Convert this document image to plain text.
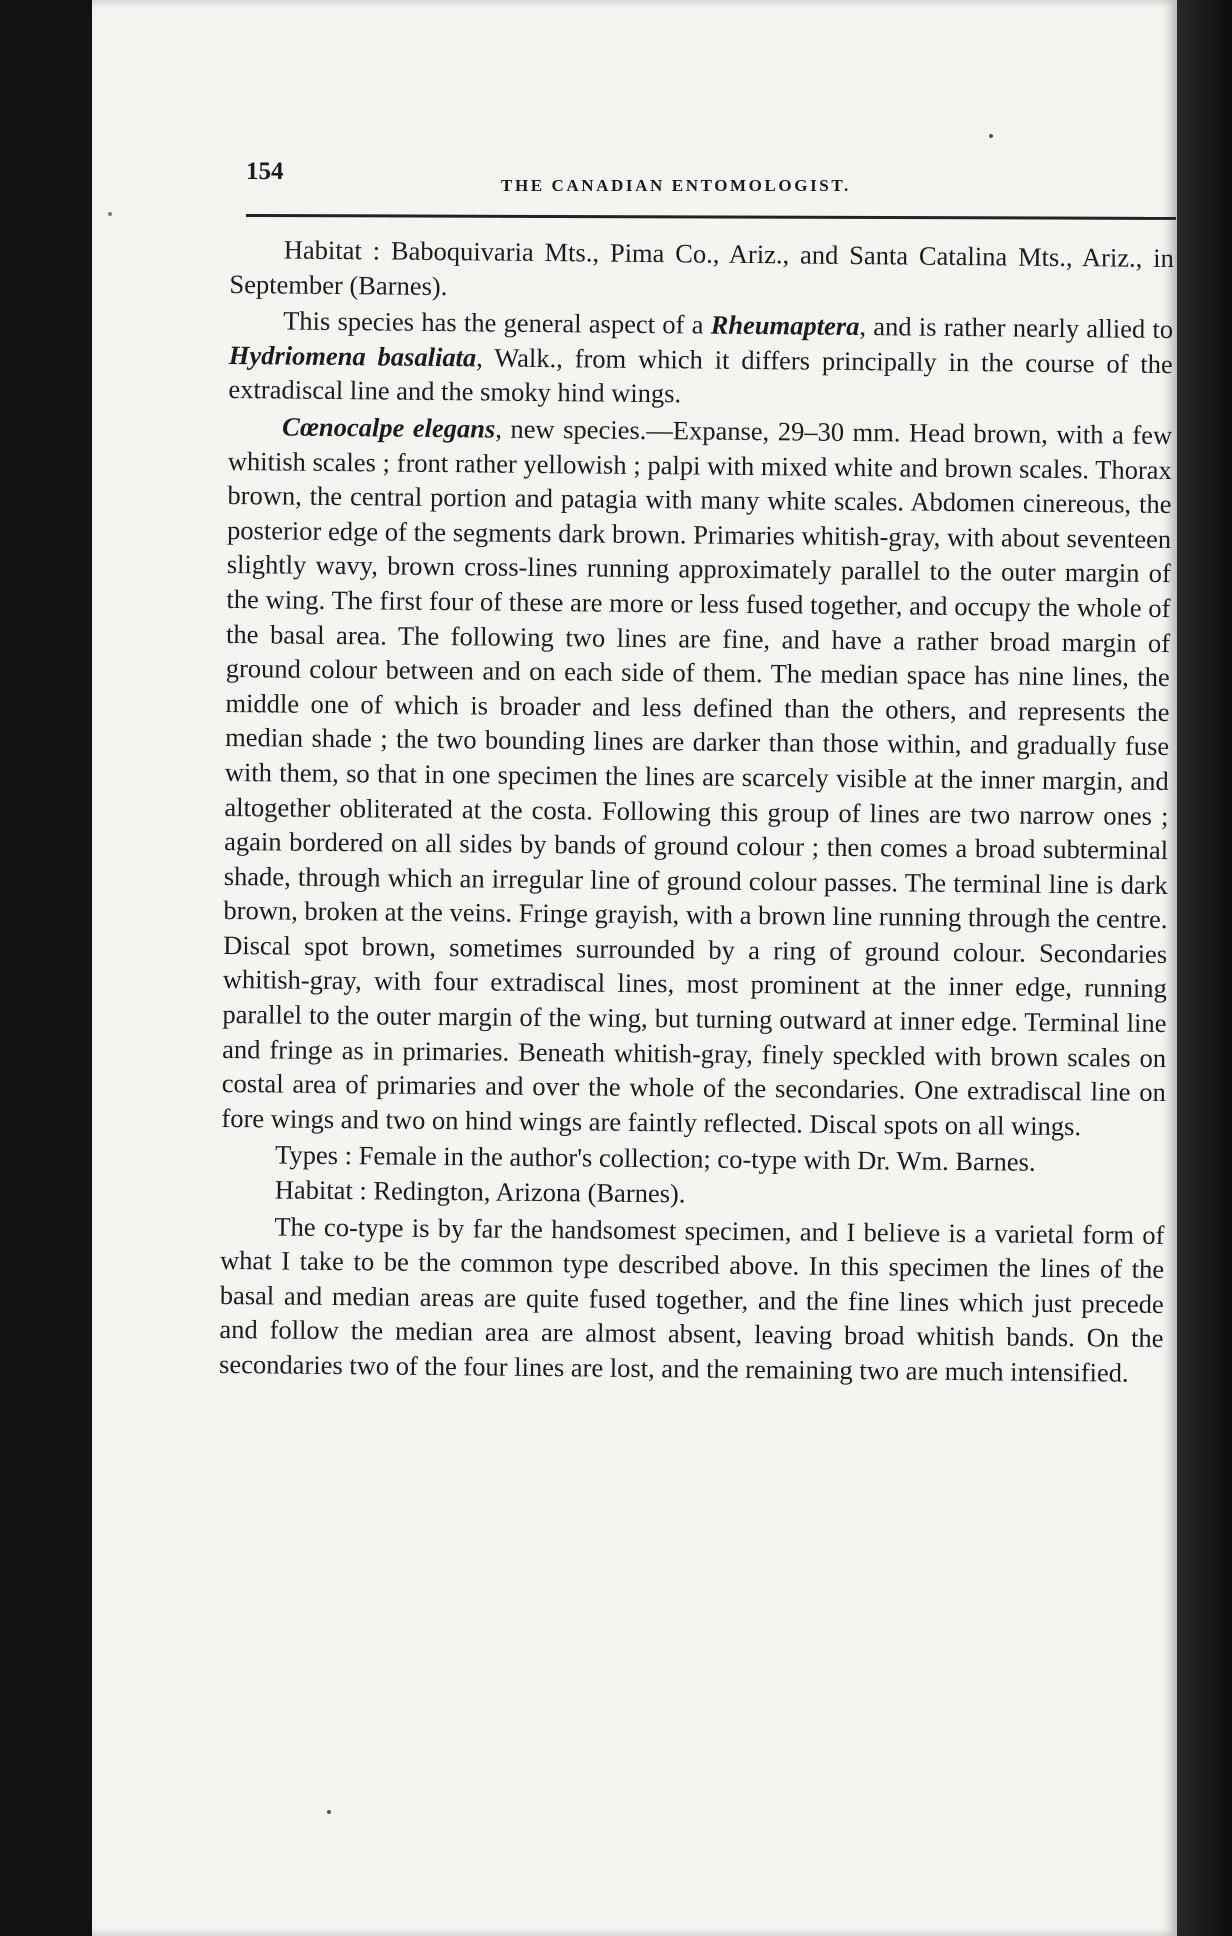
154
THE CANADIAN ENTOMOLOGIST.

Habitat : Baboquivaria Mts., Pima Co., Ariz., and Santa Catalina Mts., Ariz., in September (Barnes).

This species has the general aspect of a Rheumaptera, and is rather nearly allied to Hydriomena basaliata, Walk., from which it differs principally in the course of the extradiscal line and the smoky hind wings.

Cœnocalpe elegans, new species.—Expanse, 29–30 mm. Head brown, with a few whitish scales ; front rather yellowish ; palpi with mixed white and brown scales. Thorax brown, the central portion and patagia with many white scales. Abdomen cinereous, the posterior edge of the segments dark brown. Primaries whitish-gray, with about seventeen slightly wavy, brown cross-lines running approximately parallel to the outer margin of the wing. The first four of these are more or less fused together, and occupy the whole of the basal area. The following two lines are fine, and have a rather broad margin of ground colour between and on each side of them. The median space has nine lines, the middle one of which is broader and less defined than the others, and represents the median shade ; the two bounding lines are darker than those within, and gradually fuse with them, so that in one specimen the lines are scarcely visible at the inner margin, and altogether obliterated at the costa. Following this group of lines are two narrow ones ; again bordered on all sides by bands of ground colour ; then comes a broad subterminal shade, through which an irregular line of ground colour passes. The terminal line is dark brown, broken at the veins. Fringe grayish, with a brown line running through the centre. Discal spot brown, sometimes surrounded by a ring of ground colour. Secondaries whitish-gray, with four extradiscal lines, most prominent at the inner edge, running parallel to the outer margin of the wing, but turning outward at inner edge. Terminal line and fringe as in primaries. Beneath whitish-gray, finely speckled with brown scales on costal area of primaries and over the whole of the secondaries. One extradiscal line on fore wings and two on hind wings are faintly reflected. Discal spots on all wings.

Types : Female in the author's collection; co-type with Dr. Wm. Barnes.

Habitat : Redington, Arizona (Barnes).

The co-type is by far the handsomest specimen, and I believe is a varietal form of what I take to be the common type described above. In this specimen the lines of the basal and median areas are quite fused together, and the fine lines which just precede and follow the median area are almost absent, leaving broad whitish bands. On the secondaries two of the four lines are lost, and the remaining two are much intensified.
